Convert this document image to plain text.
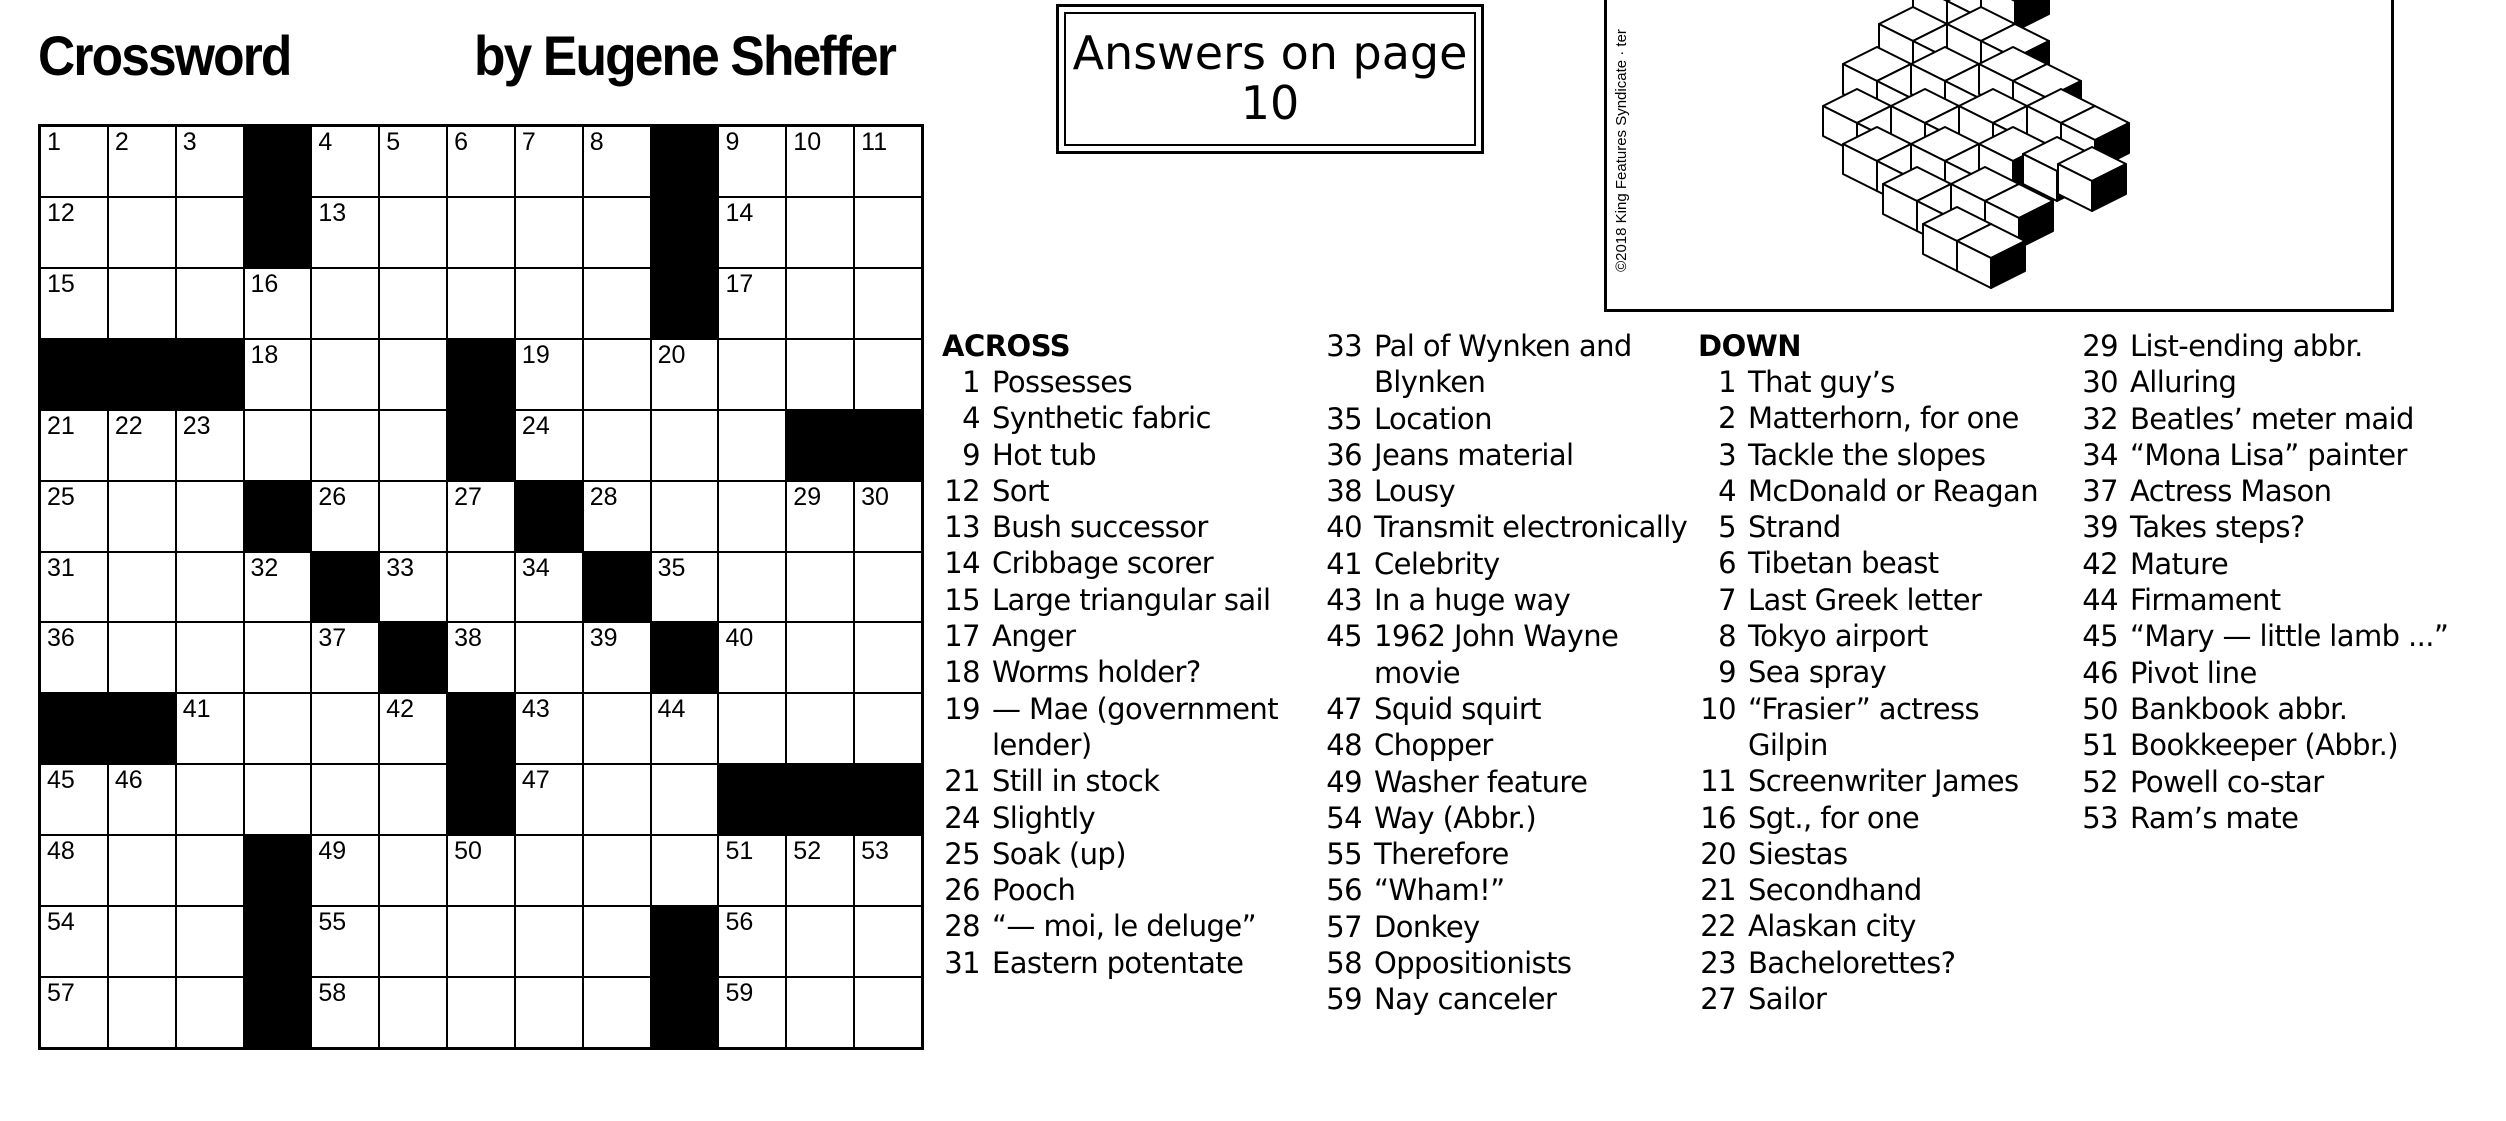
Crossword	by Eugene Sheffer	Answers on page
10	©2018 King Features Syndicate · ter
1 2 3	4 5 6 7 8	9 10 11
12	13	14
15	16	17
18	19	20
21 22 23	24
25	26	27	28	29 30
31	32	33	34	35
36	37	38	39	40
41	42	43	44
45 46	47
48	49	50	51 52 53
54	55	56
57	58	59
ACROSS
1 Possesses
4 Synthetic fabric
9 Hot tub
12 Sort
13 Bush successor
14 Cribbage scorer
15 Large triangular sail
17 Anger
18 Worms holder?
19 — Mae (government lender)
21 Still in stock
24 Slightly
25 Soak (up)
26 Pooch
28 “— moi, le deluge”
31 Eastern potentate
33 Pal of Wynken and Blynken
35 Location
36 Jeans material
38 Lousy
40 Transmit electronically
41 Celebrity
43 In a huge way
45 1962 John Wayne movie
47 Squid squirt
48 Chopper
49 Washer feature
54 Way (Abbr.)
55 Therefore
56 “Wham!”
57 Donkey
58 Oppositionists
59 Nay canceler
DOWN
1 That guy’s
2 Matterhorn, for one
3 Tackle the slopes
4 McDonald or Reagan
5 Strand
6 Tibetan beast
7 Last Greek letter
8 Tokyo airport
9 Sea spray
10 “Frasier” actress Gilpin
11 Screenwriter James
16 Sgt., for one
20 Siestas
21 Secondhand
22 Alaskan city
23 Bachelorettes?
27 Sailor
29 List-ending abbr.
30 Alluring
32 Beatles’ meter maid
34 “Mona Lisa” painter
37 Actress Mason
39 Takes steps?
42 Mature
44 Firmament
45 “Mary — little lamb ...”
46 Pivot line
50 Bankbook abbr.
51 Bookkeeper (Abbr.)
52 Powell co-star
53 Ram’s mate
